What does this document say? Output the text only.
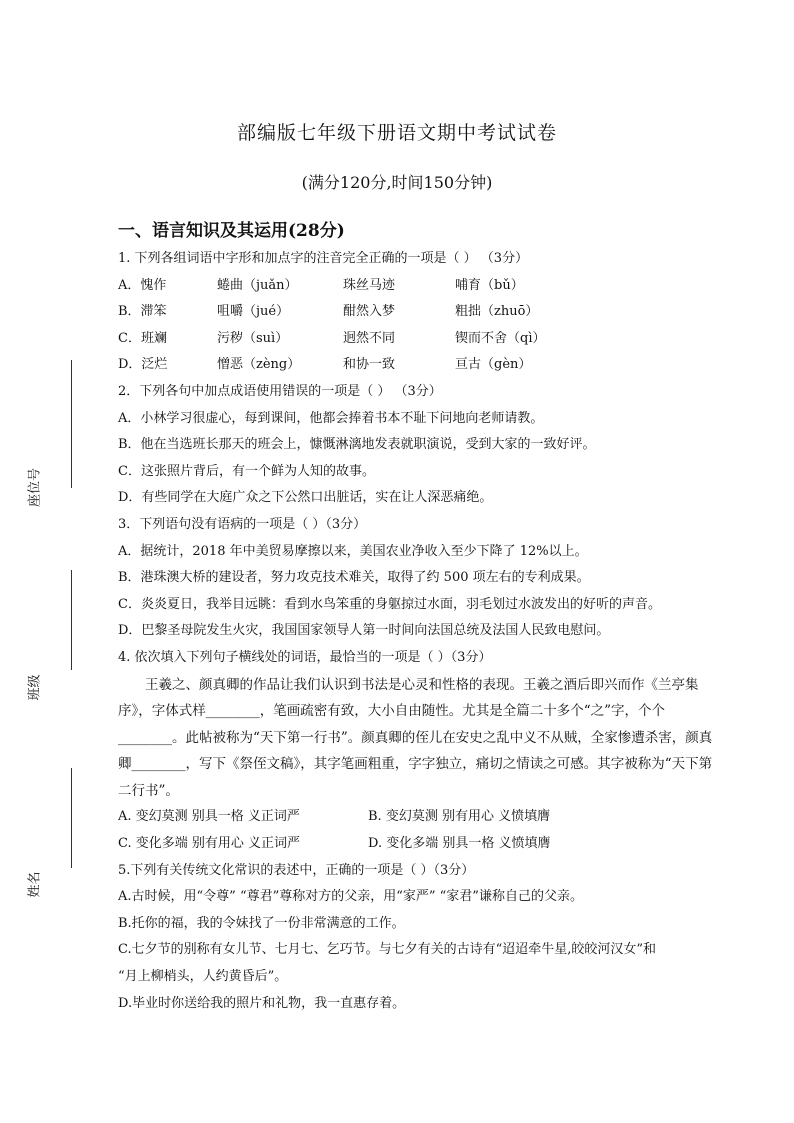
座位号
班级
姓名
部编版七年级下册语文期中考试试卷
(满分120分,时间150分钟)
一、语言知识及其运用(28分)
1. 下列各组词语中字形和加点字的注音完全正确的一项是（ ） （3分）
A．愧作	蜷曲（juǎn）	珠丝马迹	哺育（bǔ）
B．滞笨	咀嚼（jué）	酣然入梦	粗拙（zhuō）
C．班斓	污秽（suì）	迥然不同	锲而不舍（qì）
D．泛烂	憎恶（zèng）	和协一致	亘古（gèn）
2．下列各句中加点成语使用错误的一项是（ ） （3分）
A．小林学习很虚心，每到课间，他都会捧着书本不耻下问地向老师请教。
B．他在当选班长那天的班会上，慷慨淋漓地发表就职演说，受到大家的一致好评。
C．这张照片背后，有一个鲜为人知的故事。
D．有些同学在大庭广众之下公然口出脏话，实在让人深恶痛绝。
3．下列语句没有语病的一项是（ ）（3分）
A．据统计，2018 年中美贸易摩擦以来，美国农业净收入至少下降了 12%以上。
B．港珠澳大桥的建设者，努力攻克技术难关，取得了约 500 项左右的专利成果。
C．炎炎夏日，我举目远眺：看到水鸟笨重的身躯掠过水面，羽毛划过水波发出的好听的声音。
D．巴黎圣母院发生火灾，我国国家领导人第一时间向法国总统及法国人民致电慰问。
4. 依次填入下列句子横线处的词语，最恰当的一项是（ ）（3分）
王羲之、颜真卿的作品让我们认识到书法是心灵和性格的表现。王羲之酒后即兴而作《兰亭集序》，字体式样________，笔画疏密有致，大小自由随性。尤其是全篇二十多个“之”字，个个________。此帖被称为“天下第一行书”。颜真卿的侄儿在安史之乱中义不从贼，全家惨遭杀害，颜真卿________，写下《祭侄文稿》，其字笔画粗重，字字独立，痛切之情读之可感。其字被称为“天下第二行书”。
A. 变幻莫测 别具一格 义正词严	B. 变幻莫测 别有用心 义愤填膺
C. 变化多端 别有用心 义正词严	D. 变化多端 别具一格 义愤填膺
5.下列有关传统文化常识的表述中，正确的一项是（ ）（3分）
A.古时候，用“令尊” “尊君”尊称对方的父亲，用“家严” “家君”谦称自己的父亲。
B.托你的福，我的令妹找了一份非常满意的工作。
C.七夕节的别称有女儿节、七月七、乞巧节。与七夕有关的古诗有“迢迢牵牛星,皎皎河汉女”和
“月上柳梢头，人约黄昏后”。
D.毕业时你送给我的照片和礼物，我一直惠存着。
